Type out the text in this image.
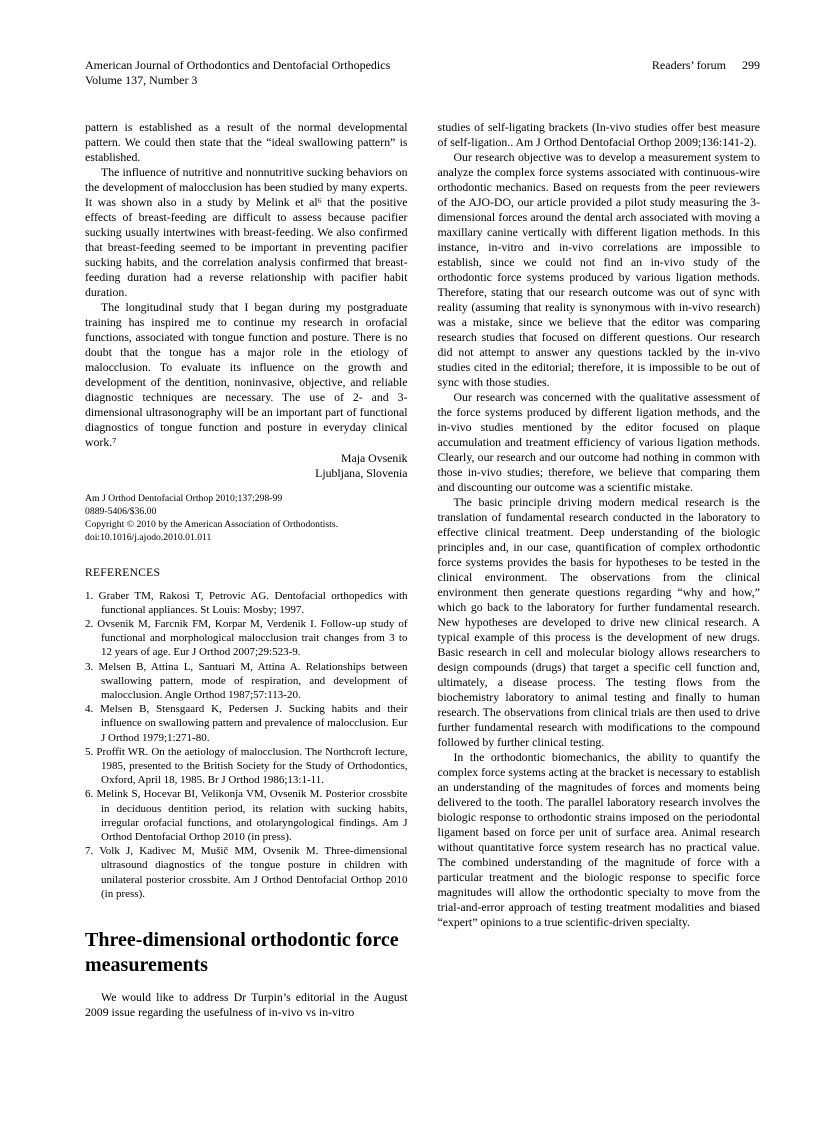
American Journal of Orthodontics and Dentofacial Orthopedics
Volume 137, Number 3
Readers’ forum 299

pattern is established as a result of the normal developmental pattern. We could then state that the “ideal swallowing pattern” is established.

The influence of nutritive and nonnutritive sucking behaviors on the development of malocclusion has been studied by many experts. It was shown also in a study by Melink et al⁶ that the positive effects of breast-feeding are difficult to assess because pacifier sucking usually intertwines with breast-feeding. We also confirmed that breast-feeding seemed to be important in preventing pacifier sucking habits, and the correlation analysis confirmed that breast-feeding duration had a reverse relationship with pacifier habit duration.

The longitudinal study that I began during my postgraduate training has inspired me to continue my research in orofacial functions, associated with tongue function and posture. There is no doubt that the tongue has a major role in the etiology of malocclusion. To evaluate its influence on the growth and development of the dentition, noninvasive, objective, and reliable diagnostic techniques are necessary. The use of 2- and 3-dimensional ultrasonography will be an important part of functional diagnostics of tongue function and posture in everyday clinical work.⁷

Maja Ovsenik
Ljubljana, Slovenia
Am J Orthod Dentofacial Orthop 2010;137:298-99
0889-5406/$36.00
Copyright © 2010 by the American Association of Orthodontists.
doi:10.1016/j.ajodo.2010.01.011
REFERENCES
1. Graber TM, Rakosi T, Petrovic AG. Dentofacial orthopedics with functional appliances. St Louis: Mosby; 1997.
2. Ovsenik M, Farcnik FM, Korpar M, Verdenik I. Follow-up study of functional and morphological malocclusion trait changes from 3 to 12 years of age. Eur J Orthod 2007;29:523-9.
3. Melsen B, Attina L, Santuari M, Attina A. Relationships between swallowing pattern, mode of respiration, and development of malocclusion. Angle Orthod 1987;57:113-20.
4. Melsen B, Stensgaard K, Pedersen J. Sucking habits and their influence on swallowing pattern and prevalence of malocclusion. Eur J Orthod 1979;1:271-80.
5. Proffit WR. On the aetiology of malocclusion. The Northcroft lecture, 1985, presented to the British Society for the Study of Orthodontics, Oxford, April 18, 1985. Br J Orthod 1986;13:1-11.
6. Melink S, Hocevar BI, Velikonja VM, Ovsenik M. Posterior crossbite in deciduous dentition period, its relation with sucking habits, irregular orofacial functions, and otolaryngological findings. Am J Orthod Dentofacial Orthop 2010 (in press).
7. Volk J, Kadivec M, Mušič MM, Ovsenik M. Three-dimensional ultrasound diagnostics of the tongue posture in children with unilateral posterior crossbite. Am J Orthod Dentofacial Orthop 2010 (in press).
Three-dimensional orthodontic force measurements

We would like to address Dr Turpin’s editorial in the August 2009 issue regarding the usefulness of in-vivo vs in-vitro

studies of self-ligating brackets (In-vivo studies offer best measure of self-ligation.. Am J Orthod Dentofacial Orthop 2009;136:141-2).

Our research objective was to develop a measurement system to analyze the complex force systems associated with continuous-wire orthodontic mechanics. Based on requests from the peer reviewers of the AJO-DO, our article provided a pilot study measuring the 3-dimensional forces around the dental arch associated with moving a maxillary canine vertically with different ligation methods. In this instance, in-vitro and in-vivo correlations are impossible to establish, since we could not find an in-vivo study of the orthodontic force systems produced by various ligation methods. Therefore, stating that our research outcome was out of sync with reality (assuming that reality is synonymous with in-vivo research) was a mistake, since we believe that the editor was comparing research studies that focused on different questions. Our research did not attempt to answer any questions tackled by the in-vivo studies cited in the editorial; therefore, it is impossible to be out of sync with those studies.

Our research was concerned with the qualitative assessment of the force systems produced by different ligation methods, and the in-vivo studies mentioned by the editor focused on plaque accumulation and treatment efficiency of various ligation methods. Clearly, our research and our outcome had nothing in common with those in-vivo studies; therefore, we believe that comparing them and discounting our outcome was a scientific mistake.

The basic principle driving modern medical research is the translation of fundamental research conducted in the laboratory to effective clinical treatment. Deep understanding of the biologic principles and, in our case, quantification of complex orthodontic force systems provides the basis for hypotheses to be tested in the clinical environment. The observations from the clinical environment then generate questions regarding “why and how,” which go back to the laboratory for further fundamental research. New hypotheses are developed to drive new clinical research. A typical example of this process is the development of new drugs. Basic research in cell and molecular biology allows researchers to design compounds (drugs) that target a specific cell function and, ultimately, a disease process. The testing flows from the biochemistry laboratory to animal testing and finally to human research. The observations from clinical trials are then used to drive further fundamental research with modifications to the compound followed by further clinical testing.

In the orthodontic biomechanics, the ability to quantify the complex force systems acting at the bracket is necessary to establish an understanding of the magnitudes of forces and moments being delivered to the tooth. The parallel laboratory research involves the biologic response to orthodontic strains imposed on the periodontal ligament based on force per unit of surface area. Animal research without quantitative force system research has no practical value. The combined understanding of the magnitude of force with a particular treatment and the biologic response to specific force magnitudes will allow the orthodontic specialty to move from the trial-and-error approach of testing treatment modalities and biased “expert” opinions to a true scientific-driven specialty.
